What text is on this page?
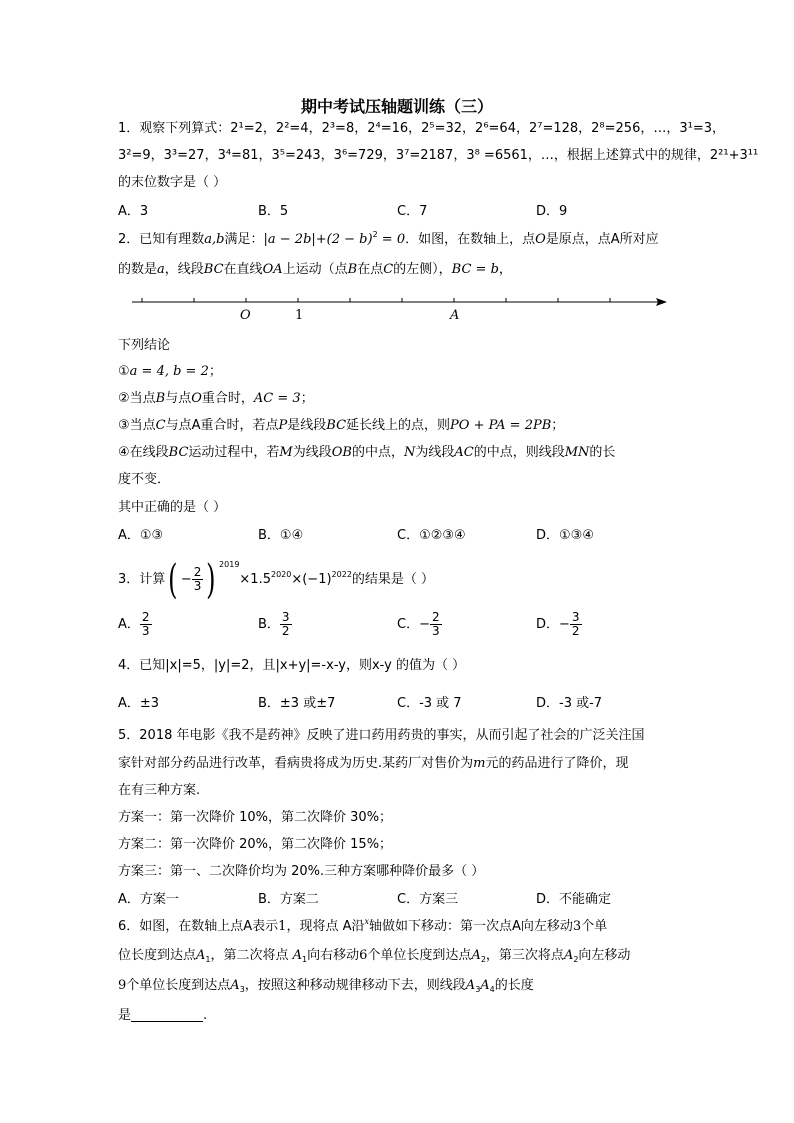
期中考试压轴题训练（三）
1．观察下列算式：2¹=2，2²=4，2³=8，2⁴=16，2⁵=32，2⁶=64，2⁷=128，2⁸=256，…，3¹=3，
3²=9，3³=27，3⁴=81，3⁵=243，3⁶=729，3⁷=2187，3⁸ =6561，…，根据上述算式中的规律，2²¹+3¹¹
的末位数字是（ ）
A．3	B．5	C．7	D．9
2．已知有理数a,b满足：$|a - 2b|+(2 - b)^2 = 0$．如图，在数轴上，点O是原点，点A所对应
的数是a，线段BC在直线OA上运动（点B在点C的左侧），BC = b，
O	1	A
下列结论
①a = 4, b = 2；
②当点B与点O重合时，AC = 3；
③当点C与点A重合时，若点P是线段BC延长线上的点，则PO + PA = 2PB；
④在线段BC运动过程中，若M为线段OB的中点，N为线段AC的中点，则线段MN的长
度不变．
其中正确的是（ ）
A．①③	B．①④	C．①②③④	D．①③④
3．计算( − $\frac{2}{3}$ ) $^{2019}\times 1.5^{2020}\times(-1)^{2022}$的结果是（ ）
A． $\frac{2}{3}$	B． $\frac{3}{2}$	C．− $\frac{2}{3}$	D．− $\frac{3}{2}$
4．已知|x|=5，|y|=2，且|x+y|=-x-y，则x-y 的值为（ ）
A．±3	B．±3 或±7	C．-3 或 7	D．-3 或-7
5．2018 年电影《我不是药神》反映了进口药用药贵的事实，从而引起了社会的广泛关注国
家针对部分药品进行改革，看病贵将成为历史.某药厂对售价为m元的药品进行了降价，现
在有三种方案.
方案一：第一次降价 10%，第二次降价 30%；
方案二：第一次降价 20%，第二次降价 15%；
方案三：第一、二次降价均为 20%.三种方案哪种降价最多（ ）
A．方案一	B．方案二	C．方案三	D．不能确定
6．如图，在数轴上点A表示1，现将点 A沿$^x$轴做如下移动：第一次点A向左移动3个单
位长度到达点$A_1$，第二次将点 $A_1$向右移动6个单位长度到达点$A_2$，第三次将点$A_2$向左移动
9个单位长度到达点$A_3$，按照这种移动规律移动下去，则线段$A_3A_4$的长度
是	.
